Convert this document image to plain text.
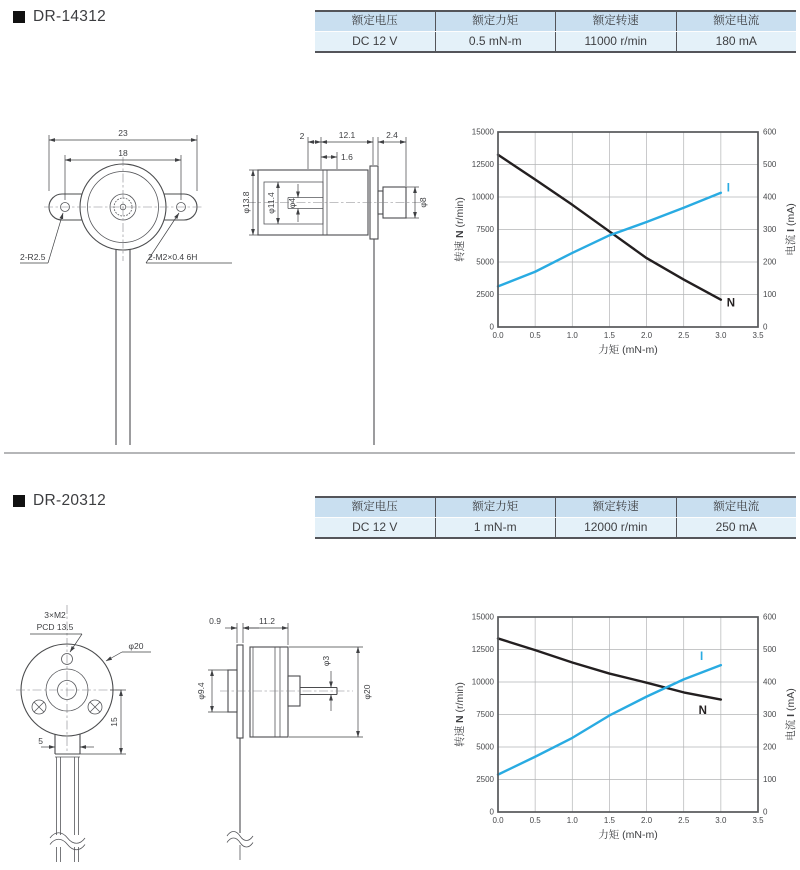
DR-14312	额定电压	额定力矩	额定转速	额定电流
DC 12 V	0.5 mN-m	11000 r/min	180 mA
23
18
2-R2.5	2-M2×0.4 6H
2	12.1	2.4
1.6
φ13.8 φ11.4 φ4	φ8
0.0	0.5	1.0	1.5	2.0	2.5	3.0	3.5
0
2500
5000
7500
10000
12500
15000
0
100
200
300
400
500
600
N
I
力矩 (mN-m)
转速 N (r/min)
电流 I (mA)
DR-20312	额定电压	额定力矩	额定转速	额定电流
DC 12 V	1 mN-m	12000 r/min	250 mA
3×M2
PCD 13.5
φ20
15
5
0.9	11.2
φ9.4
φ3
φ20
0.0	0.5	1.0	1.5	2.0	2.5	3.0	3.5
0
2500
5000
7500
10000
12500
15000
0
100
200
300
400
500
600
N
I
力矩 (mN-m)
转速 N (r/min)
电流 I (mA)
